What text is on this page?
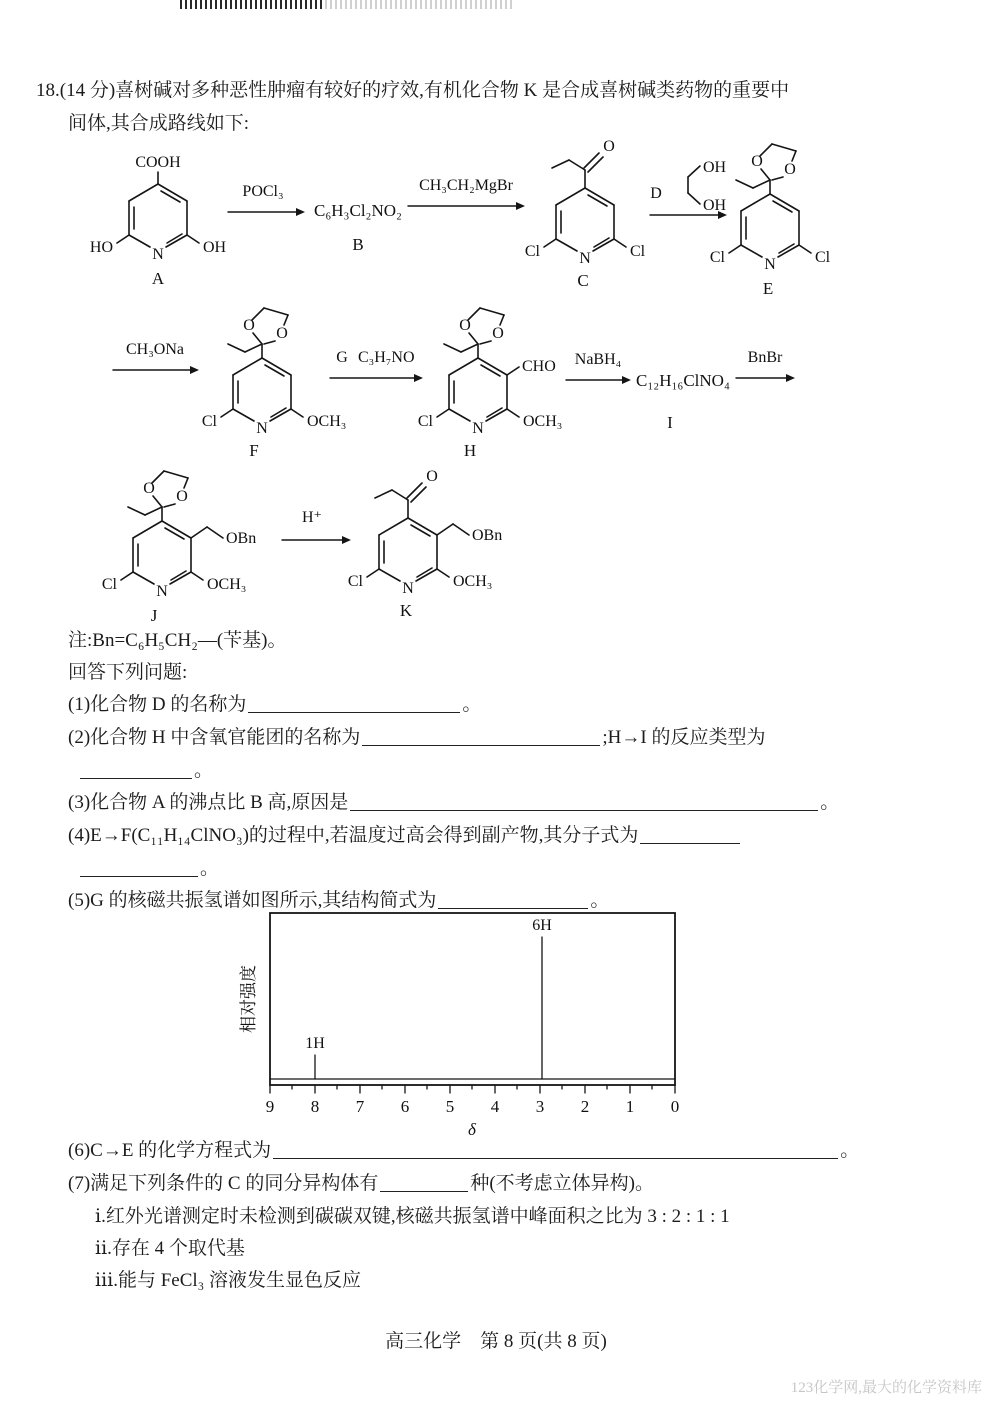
18.(14 分)喜树碱对多种恶性肿瘤有较好的疗效,有机化合物 K 是合成喜树碱类药物的重要中
间体,其合成路线如下:
N
COOH
HO	OH
A
POCl₃
C₆H₃Cl₂NO₂
B
CH₃CH₂MgBr
N
O
Cl	Cl
C
D
OH
OH
N
O O
Cl	Cl
E
CH₃ONa
N
O O
Cl	OCH₃
F
G C₃H₇NO
N
O O
CHO
Cl	OCH₃
H
NaBH₄
C₁₂H₁₆ClNO₄
I
BnBr
N
O O
OBn
Cl	OCH₃
J
H⁺
N
O
OBn
Cl	OCH₃
K
注:Bn=C₆H₅CH₂—(苄基)。
回答下列问题:
(1)化合物 D 的名称为	。
(2)化合物 H 中含氧官能团的名称为	;H→I 的反应类型为
。
(3)化合物 A 的沸点比 B 高,原因是	。
(4)E→F(C₁₁H₁₄ClNO₃)的过程中,若温度过高会得到副产物,其分子式为
。
(5)G 的核磁共振氢谱如图所示,其结构简式为	。
相对强度
6H
1H
9 8 7 6 5 4 3 2 1 0
δ
(6)C→E 的化学方程式为	。
(7)满足下列条件的 C 的同分异构体有	种(不考虑立体异构)。
ⅰ.红外光谱测定时未检测到碳碳双键,核磁共振氢谱中峰面积之比为 3 : 2 : 1 : 1
ⅱ.存在 4 个取代基
ⅲ.能与 FeCl₃ 溶液发生显色反应
高三化学　第 8 页(共 8 页)
123化学网,最大的化学资料库
